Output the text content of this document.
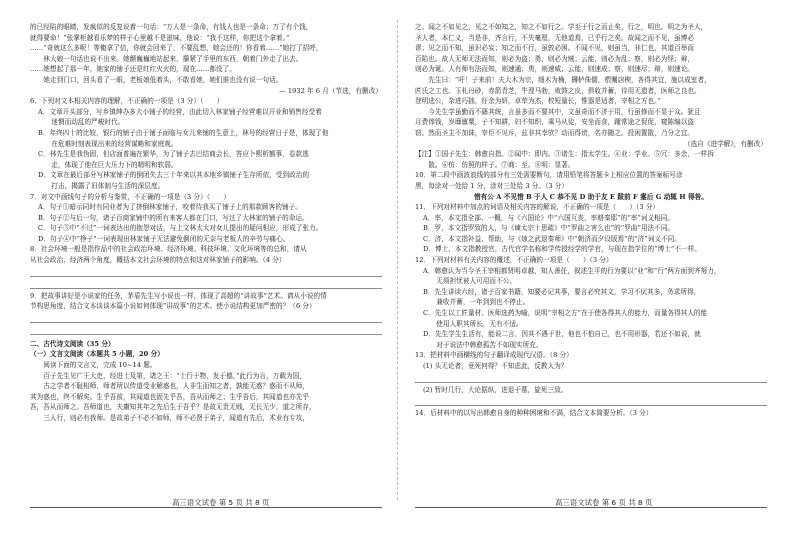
的已经陷的眼睛，发疯似的反复说着一句话：“万人是一条命，有钱人也是一条命；万了有个钱，

就得要命！”张掌柜越看乐梦的样子心里越不是滋味，他说：“我不这样，你把这个拿着。”

……“奇就这么多呢！等俺拿了信，你就会回来了，不要乱想，她会还的！你看着……”她打了招呼，

　　林大娘一句话也说不出来。她颤巍巍地站起来，攥紧了手里的东西，朝着门外走了出去。

……她想起了那一年，她家的铺子还是红红火火的，现在……都没了。

　　她走到门口，回头看了一眼，老板娘低着头，不敢看她，她们谁也没有说一句话。

　　　　　　　　　　　　　　　　　　　　　　　　　　　　— 1932 年 6 月（节选，有删改）

6．下列对文本相关内容的理解，不正确的一项是（3 分）（　　）

A．文章开头部分，写乡镇绅办多大小铺子的经营，由此切入林家铺子经营难以开业和销售经受着

　　迷惘而动乱的严峻时代。

B．年终四十的比较，银行的铺子由于铺子面临与女儿来铺的生意上，林号的经营日子是，体现了他

　　在危难时刻表现出来的经营谋略和家庭观。

C．林先生是我伪固，但店面普遍在繁华，为了铺子去巴结商会长，答应卜熙析额事，卷款逃

　　走，体现了他在巨大压力下的精明和软弱。

D．文章在最后部分写林家铺子的倒闭失去三十年来以其本地乡镇铺子生存所依，受到政治的

　　打击，揭露了旧体制与生活的深层度。

7．对文中画线句子的分析与鉴赏，不正确的一项是（3 分）（　　）

A．句子①暗示同时有同业者为了挤倒林家铺子，咬着待我买了铺子上的那款顾客的铺子。

B．句子②与后一句，诸子百商家铺中的所有来客人都在门口，写过了大林家的铺子的命运。

C．句子③中“不过”一词表达出的抱怨对话，与上文林太太对女儿提出的疑问相应，形成了张力。

D．句子④中“挣子”一词表现出林家铺子无法避免倒闭的无奈与老板人的辛劳与痛心。

8．社会环境一般是指作品中的社会政治环境、经济环境、科技环境、文化环境等的总和，请从

从社会政治、经济两个角度，概括本文社会环境的特点和这对林家铺子的影响。（4 分）

9．把故事讲好是小说家的任务，茅盾先生写小说也一样，体现了高超的“讲故事”艺术。请从小说的情

节构思角度，结合文本谈谈本篇小说如何体现“讲故事”的艺术。使小说结构更加严密的？（6 分）

二、古代诗文阅读（35 分）

（一）文言文阅读（本题共 5 小题，20 分）

　　阅读下面的文言文，完成 10~14 题。

　　百子先生见广王大吏，经进士及第，诸之王：“士行于物，发于德，”此行为言，万载为国，

　　古之学者不耻相师，师者所以传道受业解惑也，人非生而知之者，孰能无惑？惑而不从师，

其为惑也，终不解矣。生乎吾前，其闻道也固先乎吾，吾从而师之；生乎吾后，其闻道也亦先乎

吾，吾从而师之。吾师道也，夫庸知其年之先后生于吾乎？是故无贵无贱，无长无少，道之所存，

　　三人行，则必有我师。是故弟子不必不如师，师不必贤于弟子，闻道有先后，术业有专攻，

之。闻之不如见之，见之不如知之，知之不如行之。学至于行之而止矣，行之，明也。明之为圣人，

圣人者，本仁义，当是非，齐言行，不失毫厘，无他道焉，已乎行之矣。故闻之而不见，虽博必

谬；见之而不知，虽识必妄；知之而不行，虽敦必困。不闻不见，则虽当，非仁也，其道百举而

百陷也。故人无师无法而知，则必为盗；勇，则必为贼；云能，则必为乱；察，则必为怪；辩，

则必为诞。人有师有法而知，则速通；勇，则速威；云能，则速成；察，则速尽；辩，则速论。

　　先生曰：“吁！子来前！夫大木为宗，细木为桷，欂栌侏儒，椳闑扂楔，各得其宜，施以成室者，

匠氏之工也。玉札丹砂，赤箭青芝，牛溲马勃，败鼓之皮，俱收并蓄，待用无遗者，医师之良也。

登明选公，杂进巧拙，纡余为妍，卓荦为杰，校短量长，惟器是适者，宰相之方也。”

　　今先生学虽勤而不繇其统，言虽多而不要其中，文虽奇而不济于用，行虽修而不显于众。犹且

月费俸钱，岁靡廪粟，子不知耕，妇不知织，乘马从徒，安坐而食，踵常途之促促，窥陈编以盗

窃。然而圣主不加诛，宰臣不见斥，兹非其幸欤？动而得谤，名亦随之。投闲置散，乃分之宜。

　　　　　　　　　　　　　　　　　　　　　　　　　　　　　　　（选自《进学解》，有删改）

【注】①国子先生：韩愈自指。②闻中：即内。③诸生：指太学生。④业：学业。⑤冗：多余，一样拆

　　散。⑥仿：仿照的样子。⑦商：至。⑧明：显著。

10．第二段中画波浪线的部分有三处需要断句，请用铅笔将答题卡上相应位置的答案标号涂

黑，每涂对一处给 1 分，涂对三处给 3 分。（3 分）

惜有公 A 不见惜 B 于人 C 恭不见 D 助于友 E 跋前 F 疐后 G 动辄 H 得咎。

11．下列对材料中加点的词语及相关内容的解说，不正确的一项是（　　）（3 分）

A．率，本文指全部、一概，与《六国论》中“六国互丧，率赂秦耶”的“率”词义相同。

B．罗，本文指罗致的人，与《谏太宗十思疏》中“罗曲之害么也”的“罗曲”用法不同。

C．济，本文指补益、帮助，与《烛之武退秦师》中“朝济而夕设版焉”的“济”词义不同。

D．博士，本文指教授官，古代官学名称和学传授经学的学官，与现在指学位的“博士”不一样。

12．下列对材料有关内容的概述，不正确的一项是（　　）（3 分）

A．韩愈认为当今圣王宰相都贤明卓越，知人善任，叙述生平的行为要以“业”和“行”两方面到齐努力，

　　无须担忧被人可用而不公。

B．先生讲读六经，诸子百家书籍，知要必记其事，要言必究其文，学习不厌其多，务求所得，

　　兼收并蓄，一年到到也不停止。

C．先生以工匠量材、医师选药为喻，说明“宰相之方”在于使各得其人的能力，而量各得其人的能

　　使用人职其所长，无有不适。

D．先生学生生活有，能说二言，因其不遇于世，他也不怕自己，也不用形器，若还不如说，就

　　对于说法中韩愈孤苦不如现实所充。

13．把材料中画横线的句子翻译成现代汉语。（8 分）

(1) 头无论者，竟死何得？不知虑此，反教人为？

(2) 暂时几行，大论据纵，进退于墓，旋死三致。

14．后材料中的以写出韩愈自身的种种困境和不满，结合文本简要分析。（3 分）

高三语文试卷 第 5 页 共 8 页	高三语文试卷 第 6 页 共 8 页
